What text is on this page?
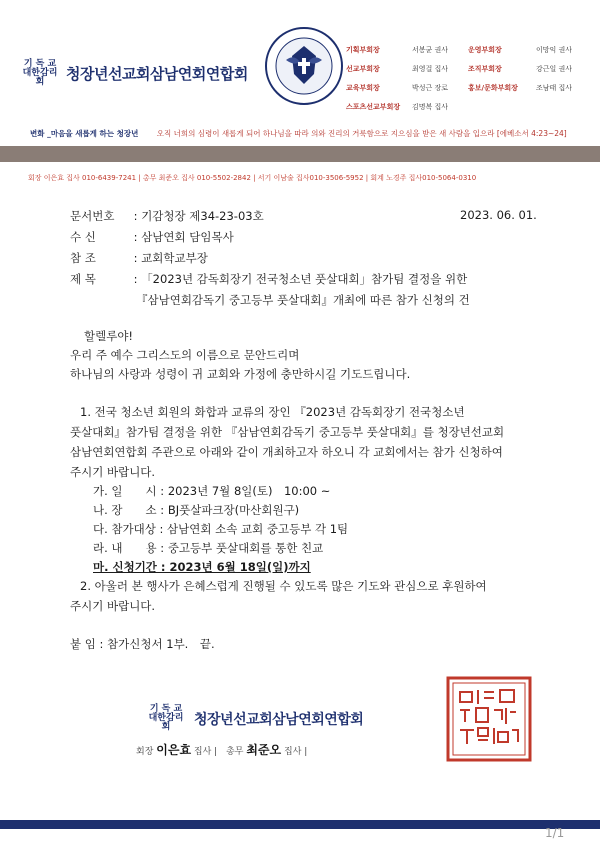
기 독 교
대한감리회	청장년선교회삼남연회연합회
기획부회장	서봉균 권사	운영부회장	이망익 권사
선교부회장	최영걸 집사	조직부회장	강근일 권사
교육부회장	박성근 장로	홍보/문화부회장	조남태 집사
스포츠선교부회장 김명복 집사
변화 _마음을 새롭게 하는 청장년 오직 너희의 심령이 새롭게 되어 하나님을 따라 의와 진리의 거룩함으로 지으심을 받은 새 사람을 입으라 [에베소서 4:23~24]
회장 이은효 집사 010-6439-7241 | 총무 최준오 집사 010-5502-2842 | 서기 이남술 집사010-3506-5952 | 회계 노경주 집사010-5064-0310
문서번호 : 기감청장 제34-23-03호	2023. 06. 01.
수 신	: 삼남연회 담임목사
참 조	: 교회학교부장
제 목	: 「2023년 감독회장기 전국청소년 풋살대회」참가팀 결정을 위한
『삼남연회감독기 중고등부 풋살대회』개최에 따른 참가 신청의 건
할렐루야!
우리 주 예수 그리스도의 이름으로 문안드리며
하나님의 사랑과 성령이 귀 교회와 가정에 충만하시길 기도드립니다.
1. 전국 청소년 회원의 화합과 교류의 장인 『2023년 감독회장기 전국청소년
풋살대회』참가팀 결정을 위한 『삼남연회감독기 중고등부 풋살대회』를 청장년선교회
삼남연회연합회 주관으로 아래와 같이 개최하고자 하오니 각 교회에서는 참가 신청하여
주시기 바랍니다.
가. 일　　시 : 2023년 7월 8일(토)　10:00 ~
나. 장　　소 : BJ풋살파크장(마산회원구)
다. 참가대상 : 삼남연회 소속 교회 중고등부 각 1팀
라. 내　　용 : 중고등부 풋살대회를 통한 친교
마. 신청기간 : 2023년 6월 18일(일)까지
2. 아울러 본 행사가 은혜스럽게 진행될 수 있도록 많은 기도와 관심으로 후원하여
주시기 바랍니다.
붙 임 : 참가신청서 1부.　끝.
기 독 교
대한감리회	청장년선교회삼남연회연합회
회장 이은효 집사 | 총무 최준오 집사 |
1/1
